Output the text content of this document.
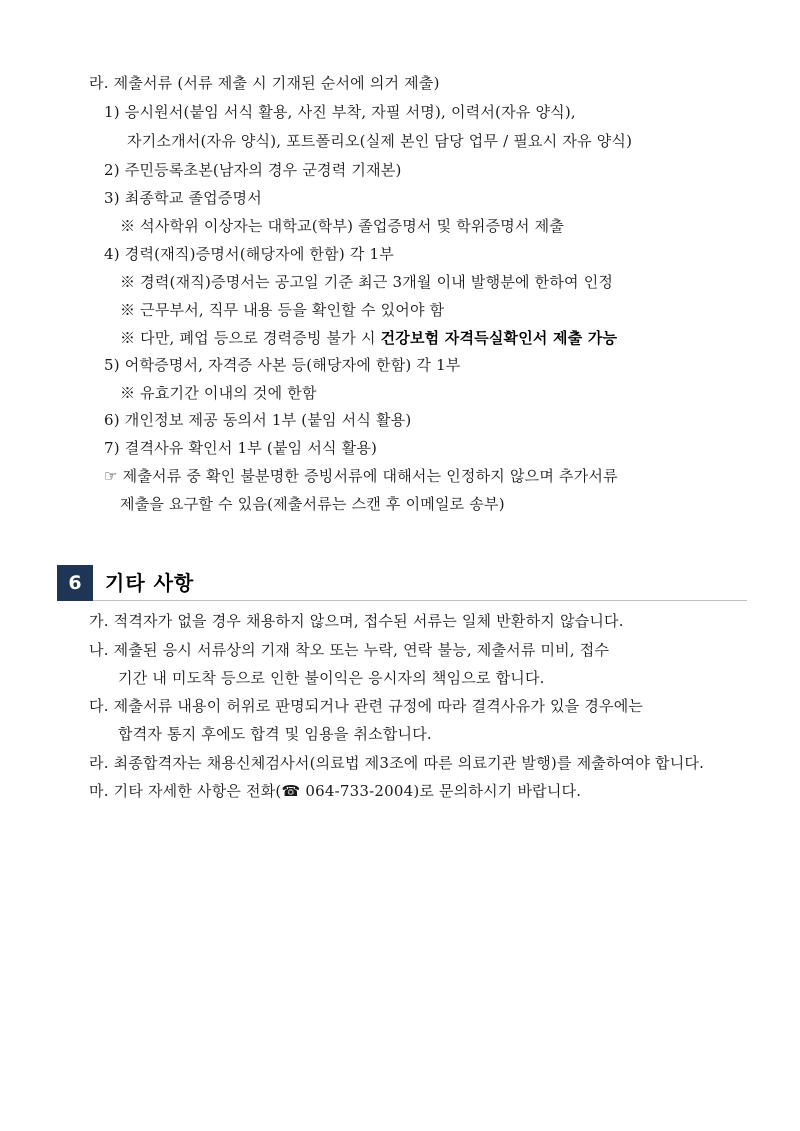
라. 제출서류 (서류 제출 시 기재된 순서에 의거 제출)
1) 응시원서(붙임 서식 활용, 사진 부착, 자필 서명), 이력서(자유 양식),
자기소개서(자유 양식), 포트폴리오(실제 본인 담당 업무 / 필요시 자유 양식)
2) 주민등록초본(남자의 경우 군경력 기재본)
3) 최종학교 졸업증명서
※ 석사학위 이상자는 대학교(학부) 졸업증명서 및 학위증명서 제출
4) 경력(재직)증명서(해당자에 한함) 각 1부
※ 경력(재직)증명서는 공고일 기준 최근 3개월 이내 발행분에 한하여 인정
※ 근무부서, 직무 내용 등을 확인할 수 있어야 함
※ 다만, 폐업 등으로 경력증빙 불가 시 건강보험 자격득실확인서 제출 가능
5) 어학증명서, 자격증 사본 등(해당자에 한함) 각 1부
※ 유효기간 이내의 것에 한함
6) 개인정보 제공 동의서 1부 (붙임 서식 활용)
7) 결격사유 확인서 1부 (붙임 서식 활용)
☞ 제출서류 중 확인 불분명한 증빙서류에 대해서는 인정하지 않으며 추가서류
제출을 요구할 수 있음(제출서류는 스캔 후 이메일로 송부)
6	기타 사항
가. 적격자가 없을 경우 채용하지 않으며, 접수된 서류는 일체 반환하지 않습니다.
나. 제출된 응시 서류상의 기재 착오 또는 누락, 연락 불능, 제출서류 미비, 접수
기간 내 미도착 등으로 인한 불이익은 응시자의 책임으로 합니다.
다. 제출서류 내용이 허위로 판명되거나 관련 규정에 따라 결격사유가 있을 경우에는
합격자 통지 후에도 합격 및 임용을 취소합니다.
라. 최종합격자는 채용신체검사서(의료법 제3조에 따른 의료기관 발행)를 제출하여야 합니다.
마. 기타 자세한 사항은 전화(☎ 064-733-2004)로 문의하시기 바랍니다.
